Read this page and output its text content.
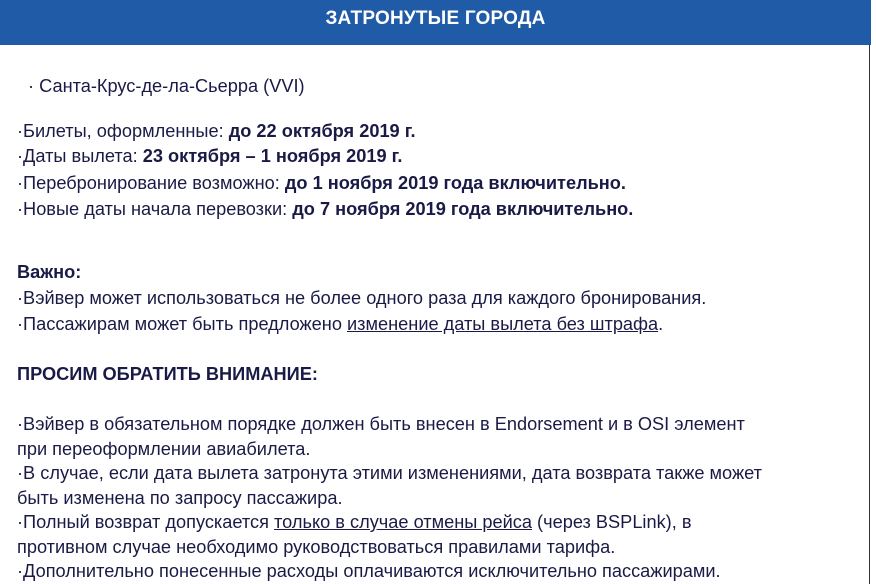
ЗАТРОНУТЫЕ ГОРОДА
· Санта-Крус-де-ла-Сьерра (VVI)
·Билеты, оформленные: до 22 октября 2019 г.
·Даты вылета: 23 октября – 1 ноября 2019 г.
·Перебронирование возможно: до 1 ноября 2019 года включительно.
·Новые даты начала перевозки: до 7 ноября 2019 года включительно.
Важно:
·Вэйвер может использоваться не более одного раза для каждого бронирования.
·Пассажирам может быть предложено изменение даты вылета без штрафа.
ПРОСИМ ОБРАТИТЬ ВНИМАНИЕ:
·Вэйвер в обязательном порядке должен быть внесен в Endorsement и в OSI элемент
при переоформлении авиабилета.
·В случае, если дата вылета затронута этими изменениями, дата возврата также может
быть изменена по запросу пассажира.
·Полный возврат допускается только в случае отмены рейса (через BSPLink), в
противном случае необходимо руководствоваться правилами тарифа.
·Дополнительно понесенные расходы оплачиваются исключительно пассажирами.
